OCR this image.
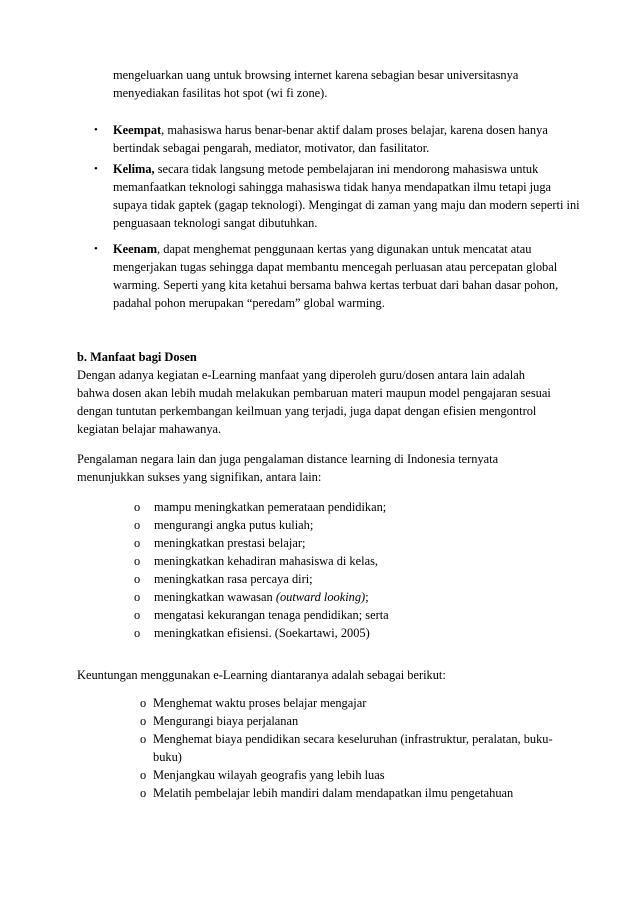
mengeluarkan uang untuk browsing internet karena sebagian besar universitasnya menyediakan fasilitas hot spot (wi fi zone).
• Keempat, mahasiswa harus benar-benar aktif dalam proses belajar, karena dosen hanya bertindak sebagai pengarah, mediator, motivator, dan fasilitator.
• Kelima, secara tidak langsung metode pembelajaran ini mendorong mahasiswa untuk memanfaatkan teknologi sahingga mahasiswa tidak hanya mendapatkan ilmu tetapi juga supaya tidak gaptek (gagap teknologi). Mengingat di zaman yang maju dan modern seperti ini penguasaan teknologi sangat dibutuhkan.
• Keenam, dapat menghemat penggunaan kertas yang digunakan untuk mencatat atau mengerjakan tugas sehingga dapat membantu mencegah perluasan atau percepatan global warming. Seperti yang kita ketahui bersama bahwa kertas terbuat dari bahan dasar pohon, padahal pohon merupakan “peredam” global warming.
b. Manfaat bagi Dosen
Dengan adanya kegiatan e-Learning manfaat yang diperoleh guru/dosen antara lain adalah bahwa dosen akan lebih mudah melakukan pembaruan materi maupun model pengajaran sesuai dengan tuntutan perkembangan keilmuan yang terjadi, juga dapat dengan efisien mengontrol kegiatan belajar mahawanya.
Pengalaman negara lain dan juga pengalaman distance learning di Indonesia ternyata menunjukkan sukses yang signifikan, antara lain:
o mampu meningkatkan pemerataan pendidikan;
o mengurangi angka putus kuliah;
o meningkatkan prestasi belajar;
o meningkatkan kehadiran mahasiswa di kelas,
o meningkatkan rasa percaya diri;
o meningkatkan wawasan (outward looking);
o mengatasi kekurangan tenaga pendidikan; serta
o meningkatkan efisiensi. (Soekartawi, 2005)
Keuntungan menggunakan e-Learning diantaranya adalah sebagai berikut:
o Menghemat waktu proses belajar mengajar
o Mengurangi biaya perjalanan
o Menghemat biaya pendidikan secara keseluruhan (infrastruktur, peralatan, buku-buku)
o Menjangkau wilayah geografis yang lebih luas
o Melatih pembelajar lebih mandiri dalam mendapatkan ilmu pengetahuan
